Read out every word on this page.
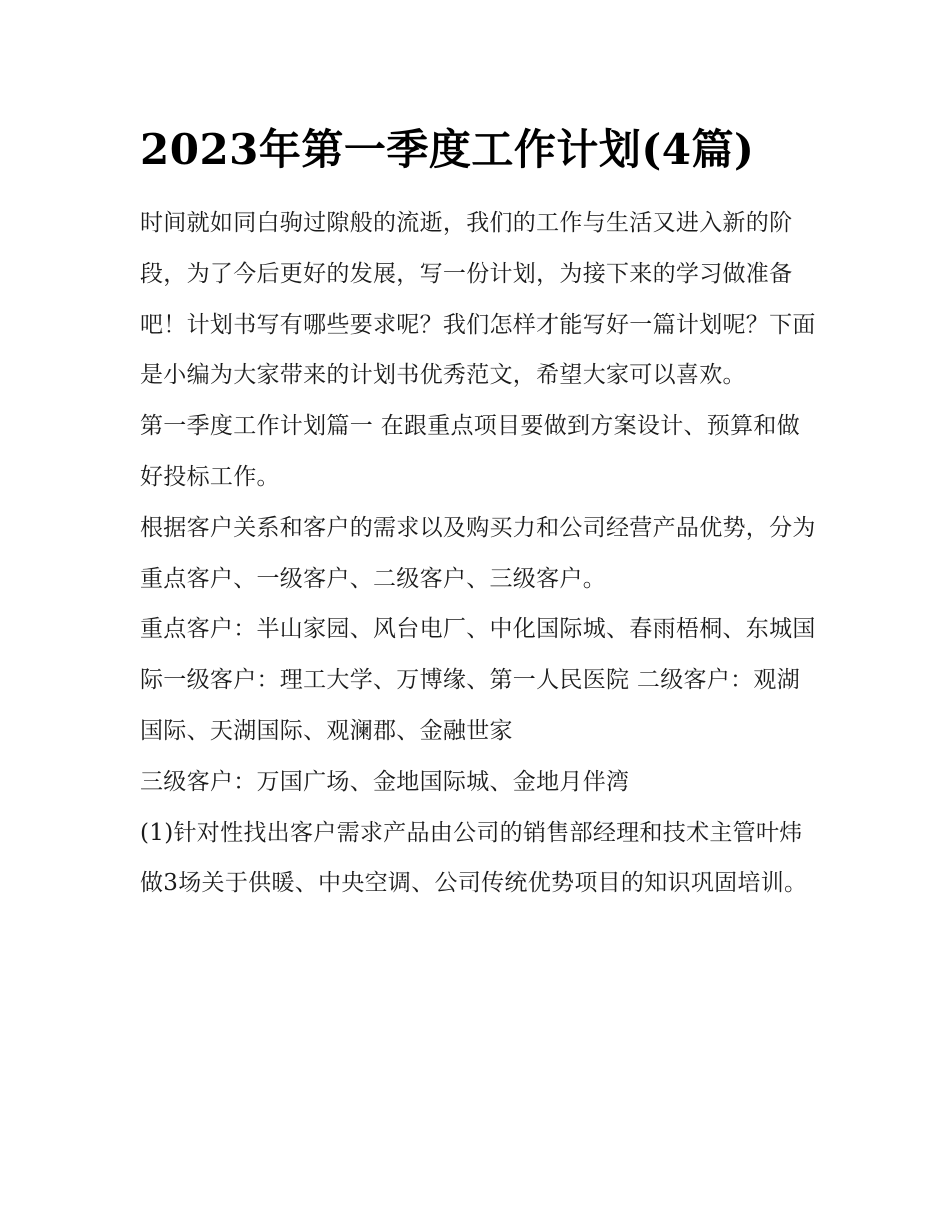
2023年第一季度工作计划(4篇)

时间就如同白驹过隙般的流逝，我们的工作与生活又进入新的阶段，为了今后更好的发展，写一份计划，为接下来的学习做准备吧！计划书写有哪些要求呢？我们怎样才能写好一篇计划呢？下面是小编为大家带来的计划书优秀范文，希望大家可以喜欢。

第一季度工作计划篇一 在跟重点项目要做到方案设计、预算和做好投标工作。

根据客户关系和客户的需求以及购买力和公司经营产品优势，分为重点客户、一级客户、二级客户、三级客户。

重点客户：半山家园、风台电厂、中化国际城、春雨梧桐、东城国际一级客户：理工大学、万博缘、第一人民医院 二级客户：观湖国际、天湖国际、观澜郡、金融世家

三级客户：万国广场、金地国际城、金地月伴湾

(1)针对性找出客户需求产品由公司的销售部经理和技术主管叶炜做3场关于供暖、中央空调、公司传统优势项目的知识巩固培训。
